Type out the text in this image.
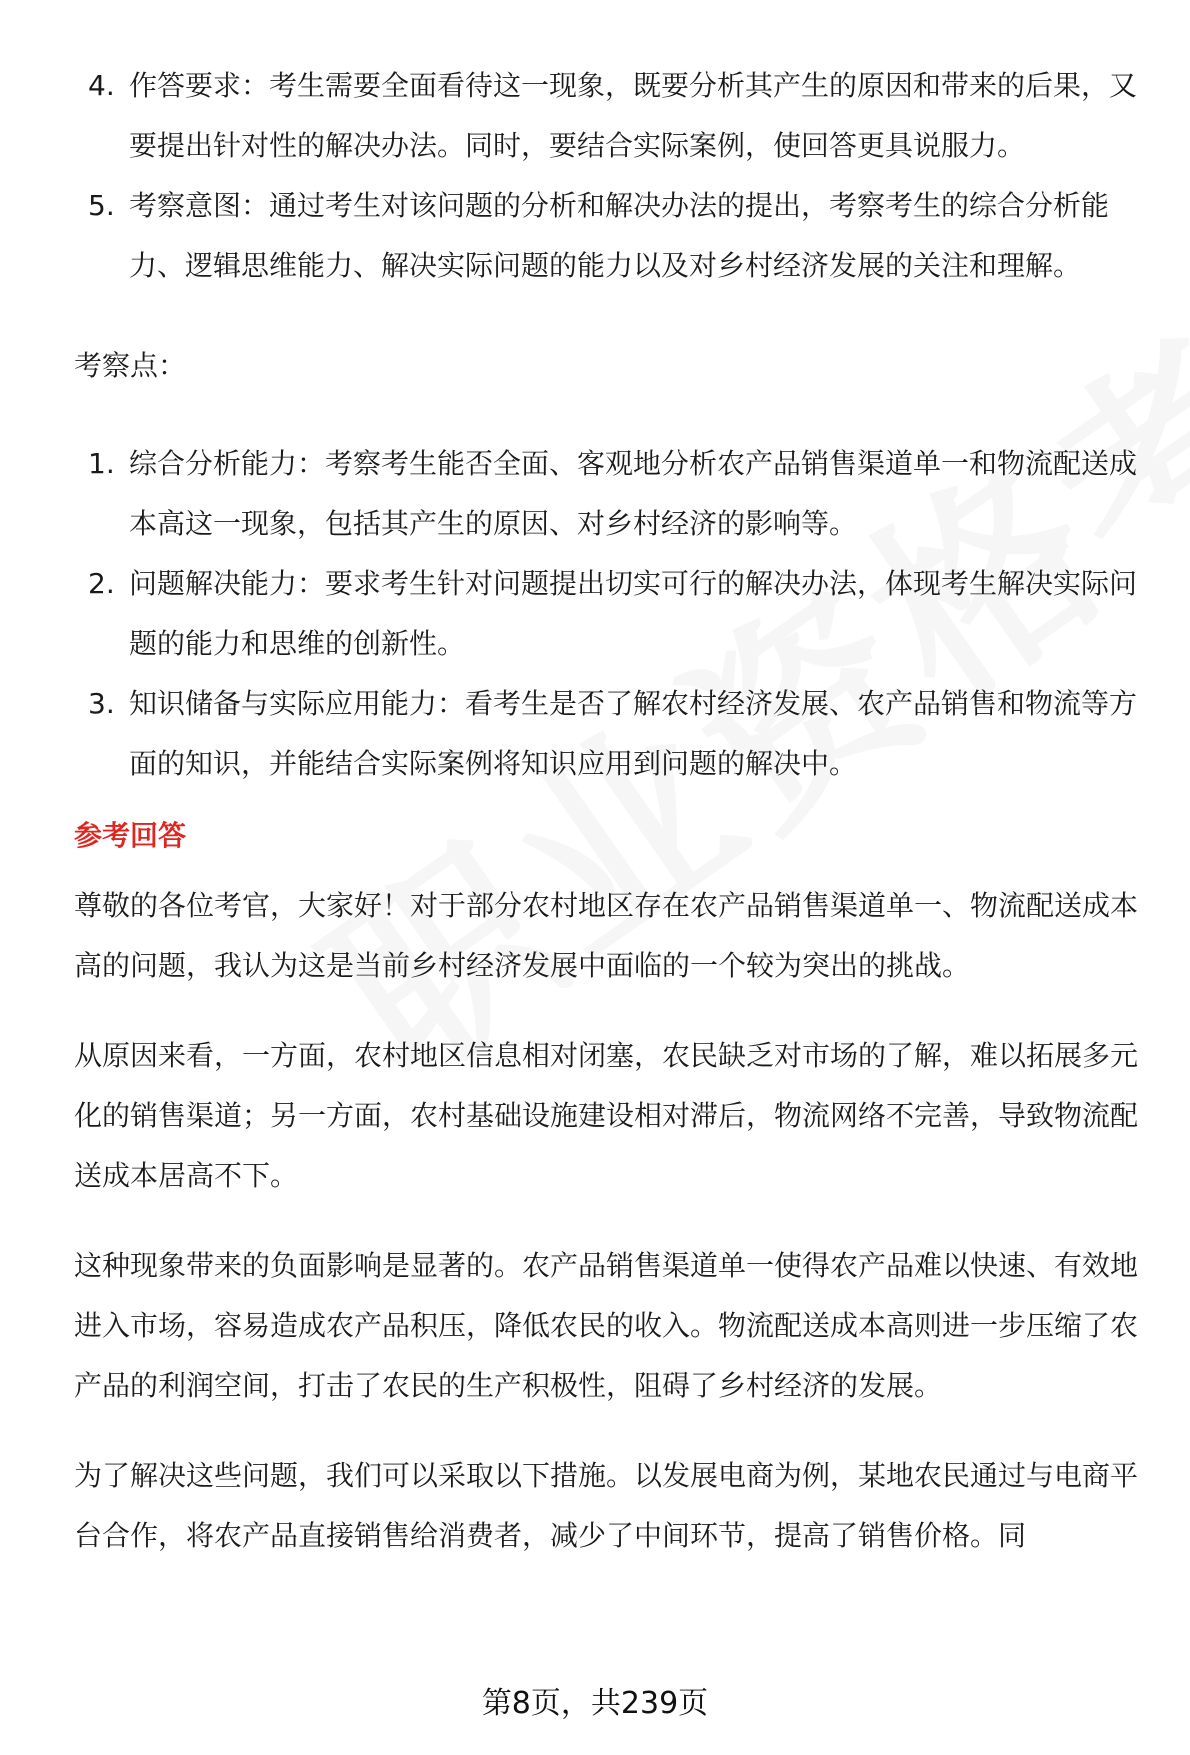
4. 作答要求：考生需要全面看待这一现象，既要分析其产生的原因和带来的后果，又要提出针对性的解决办法。同时，要结合实际案例，使回答更具说服力。
5. 考察意图：通过考生对该问题的分析和解决办法的提出，考察考生的综合分析能力、逻辑思维能力、解决实际问题的能力以及对乡村经济发展的关注和理解。
考察点：
1. 综合分析能力：考察考生能否全面、客观地分析农产品销售渠道单一和物流配送成本高这一现象，包括其产生的原因、对乡村经济的影响等。
2. 问题解决能力：要求考生针对问题提出切实可行的解决办法，体现考生解决实际问题的能力和思维的创新性。
3. 知识储备与实际应用能力：看考生是否了解农村经济发展、农产品销售和物流等方面的知识，并能结合实际案例将知识应用到问题的解决中。
参考回答

尊敬的各位考官，大家好！对于部分农村地区存在农产品销售渠道单一、物流配送成本高的问题，我认为这是当前乡村经济发展中面临的一个较为突出的挑战。

从原因来看，一方面，农村地区信息相对闭塞，农民缺乏对市场的了解，难以拓展多元化的销售渠道；另一方面，农村基础设施建设相对滞后，物流网络不完善，导致物流配送成本居高不下。

这种现象带来的负面影响是显著的。农产品销售渠道单一使得农产品难以快速、有效地进入市场，容易造成农产品积压，降低农民的收入。物流配送成本高则进一步压缩了农产品的利润空间，打击了农民的生产积极性，阻碍了乡村经济的发展。

为了解决这些问题，我们可以采取以下措施。以发展电商为例，某地农民通过与电商平台合作，将农产品直接销售给消费者，减少了中间环节，提高了销售价格。同

第8页，共239页
